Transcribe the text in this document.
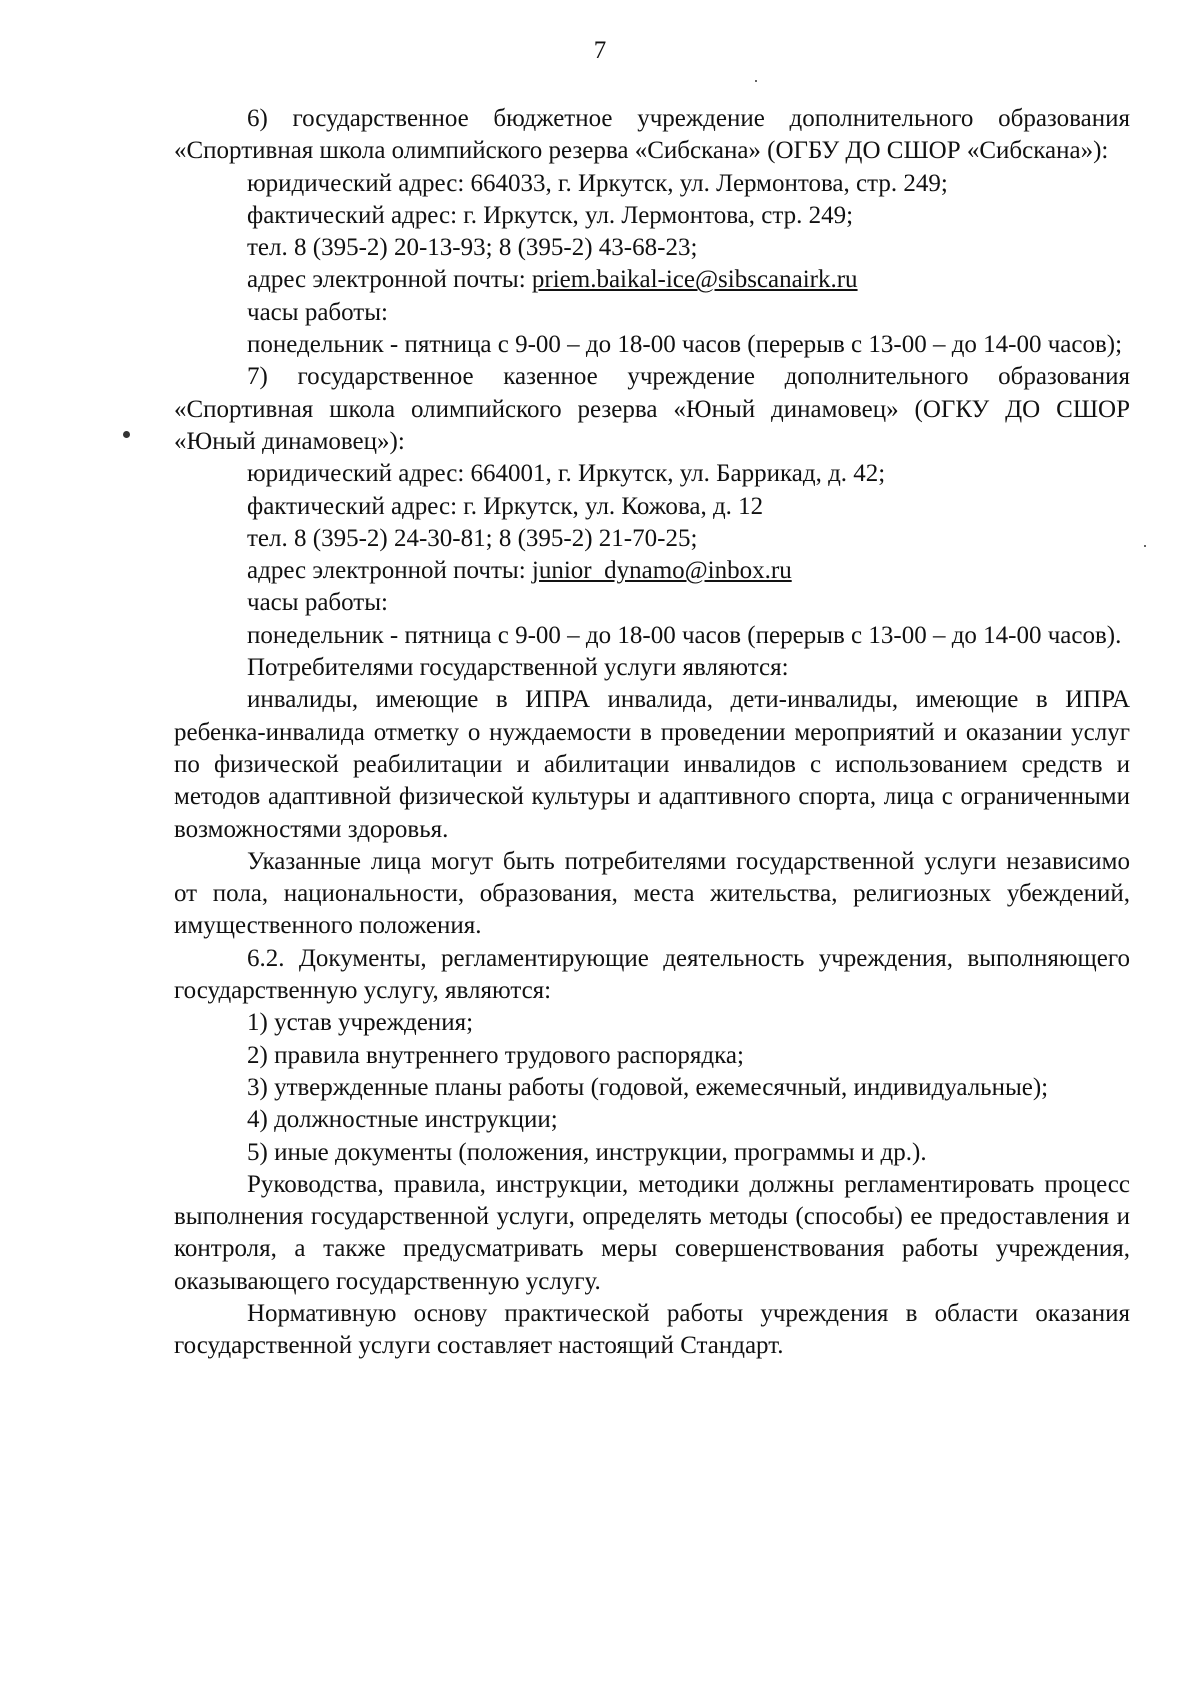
7

6) государственное бюджетное учреждение дополнительного образования «Спортивная школа олимпийского резерва «Сибскана» (ОГБУ ДО СШОР «Сибскана»):

юридический адрес: 664033, г. Иркутск, ул. Лермонтова, стр. 249;

фактический адрес: г. Иркутск, ул. Лермонтова, стр. 249;

тел. 8 (395-2) 20-13-93; 8 (395-2) 43-68-23;

адрес электронной почты: priem.baikal-ice@sibscanairk.ru

часы работы:

понедельник - пятница с 9-00 – до 18-00 часов (перерыв с 13-00 – до 14-00 часов);

7) государственное казенное учреждение дополнительного образования «Спортивная школа олимпийского резерва «Юный динамовец» (ОГКУ ДО СШОР «Юный динамовец»):

юридический адрес: 664001, г. Иркутск, ул. Баррикад, д. 42;

фактический адрес: г. Иркутск, ул. Кожова, д. 12

тел. 8 (395-2) 24-30-81; 8 (395-2) 21-70-25;

адрес электронной почты: junior_dynamo@inbox.ru

часы работы:

понедельник - пятница с 9-00 – до 18-00 часов (перерыв с 13-00 – до 14-00 часов).

Потребителями государственной услуги являются:

инвалиды, имеющие в ИПРА инвалида, дети-инвалиды, имеющие в ИПРА ребенка-инвалида отметку о нуждаемости в проведении мероприятий и оказании услуг по физической реабилитации и абилитации инвалидов с использованием средств и методов адаптивной физической культуры и адаптивного спорта, лица с ограниченными возможностями здоровья.

Указанные лица могут быть потребителями государственной услуги независимо от пола, национальности, образования, места жительства, религиозных убеждений, имущественного положения.

6.2. Документы, регламентирующие деятельность учреждения, выполняющего государственную услугу, являются:

1) устав учреждения;

2) правила внутреннего трудового распорядка;

3) утвержденные планы работы (годовой, ежемесячный, индивидуальные);

4) должностные инструкции;

5) иные документы (положения, инструкции, программы и др.).

Руководства, правила, инструкции, методики должны регламентировать процесс выполнения государственной услуги, определять методы (способы) ее предоставления и контроля, а также предусматривать меры совершенствования работы учреждения, оказывающего государственную услугу.

Нормативную основу практической работы учреждения в области оказания государственной услуги составляет настоящий Стандарт.
